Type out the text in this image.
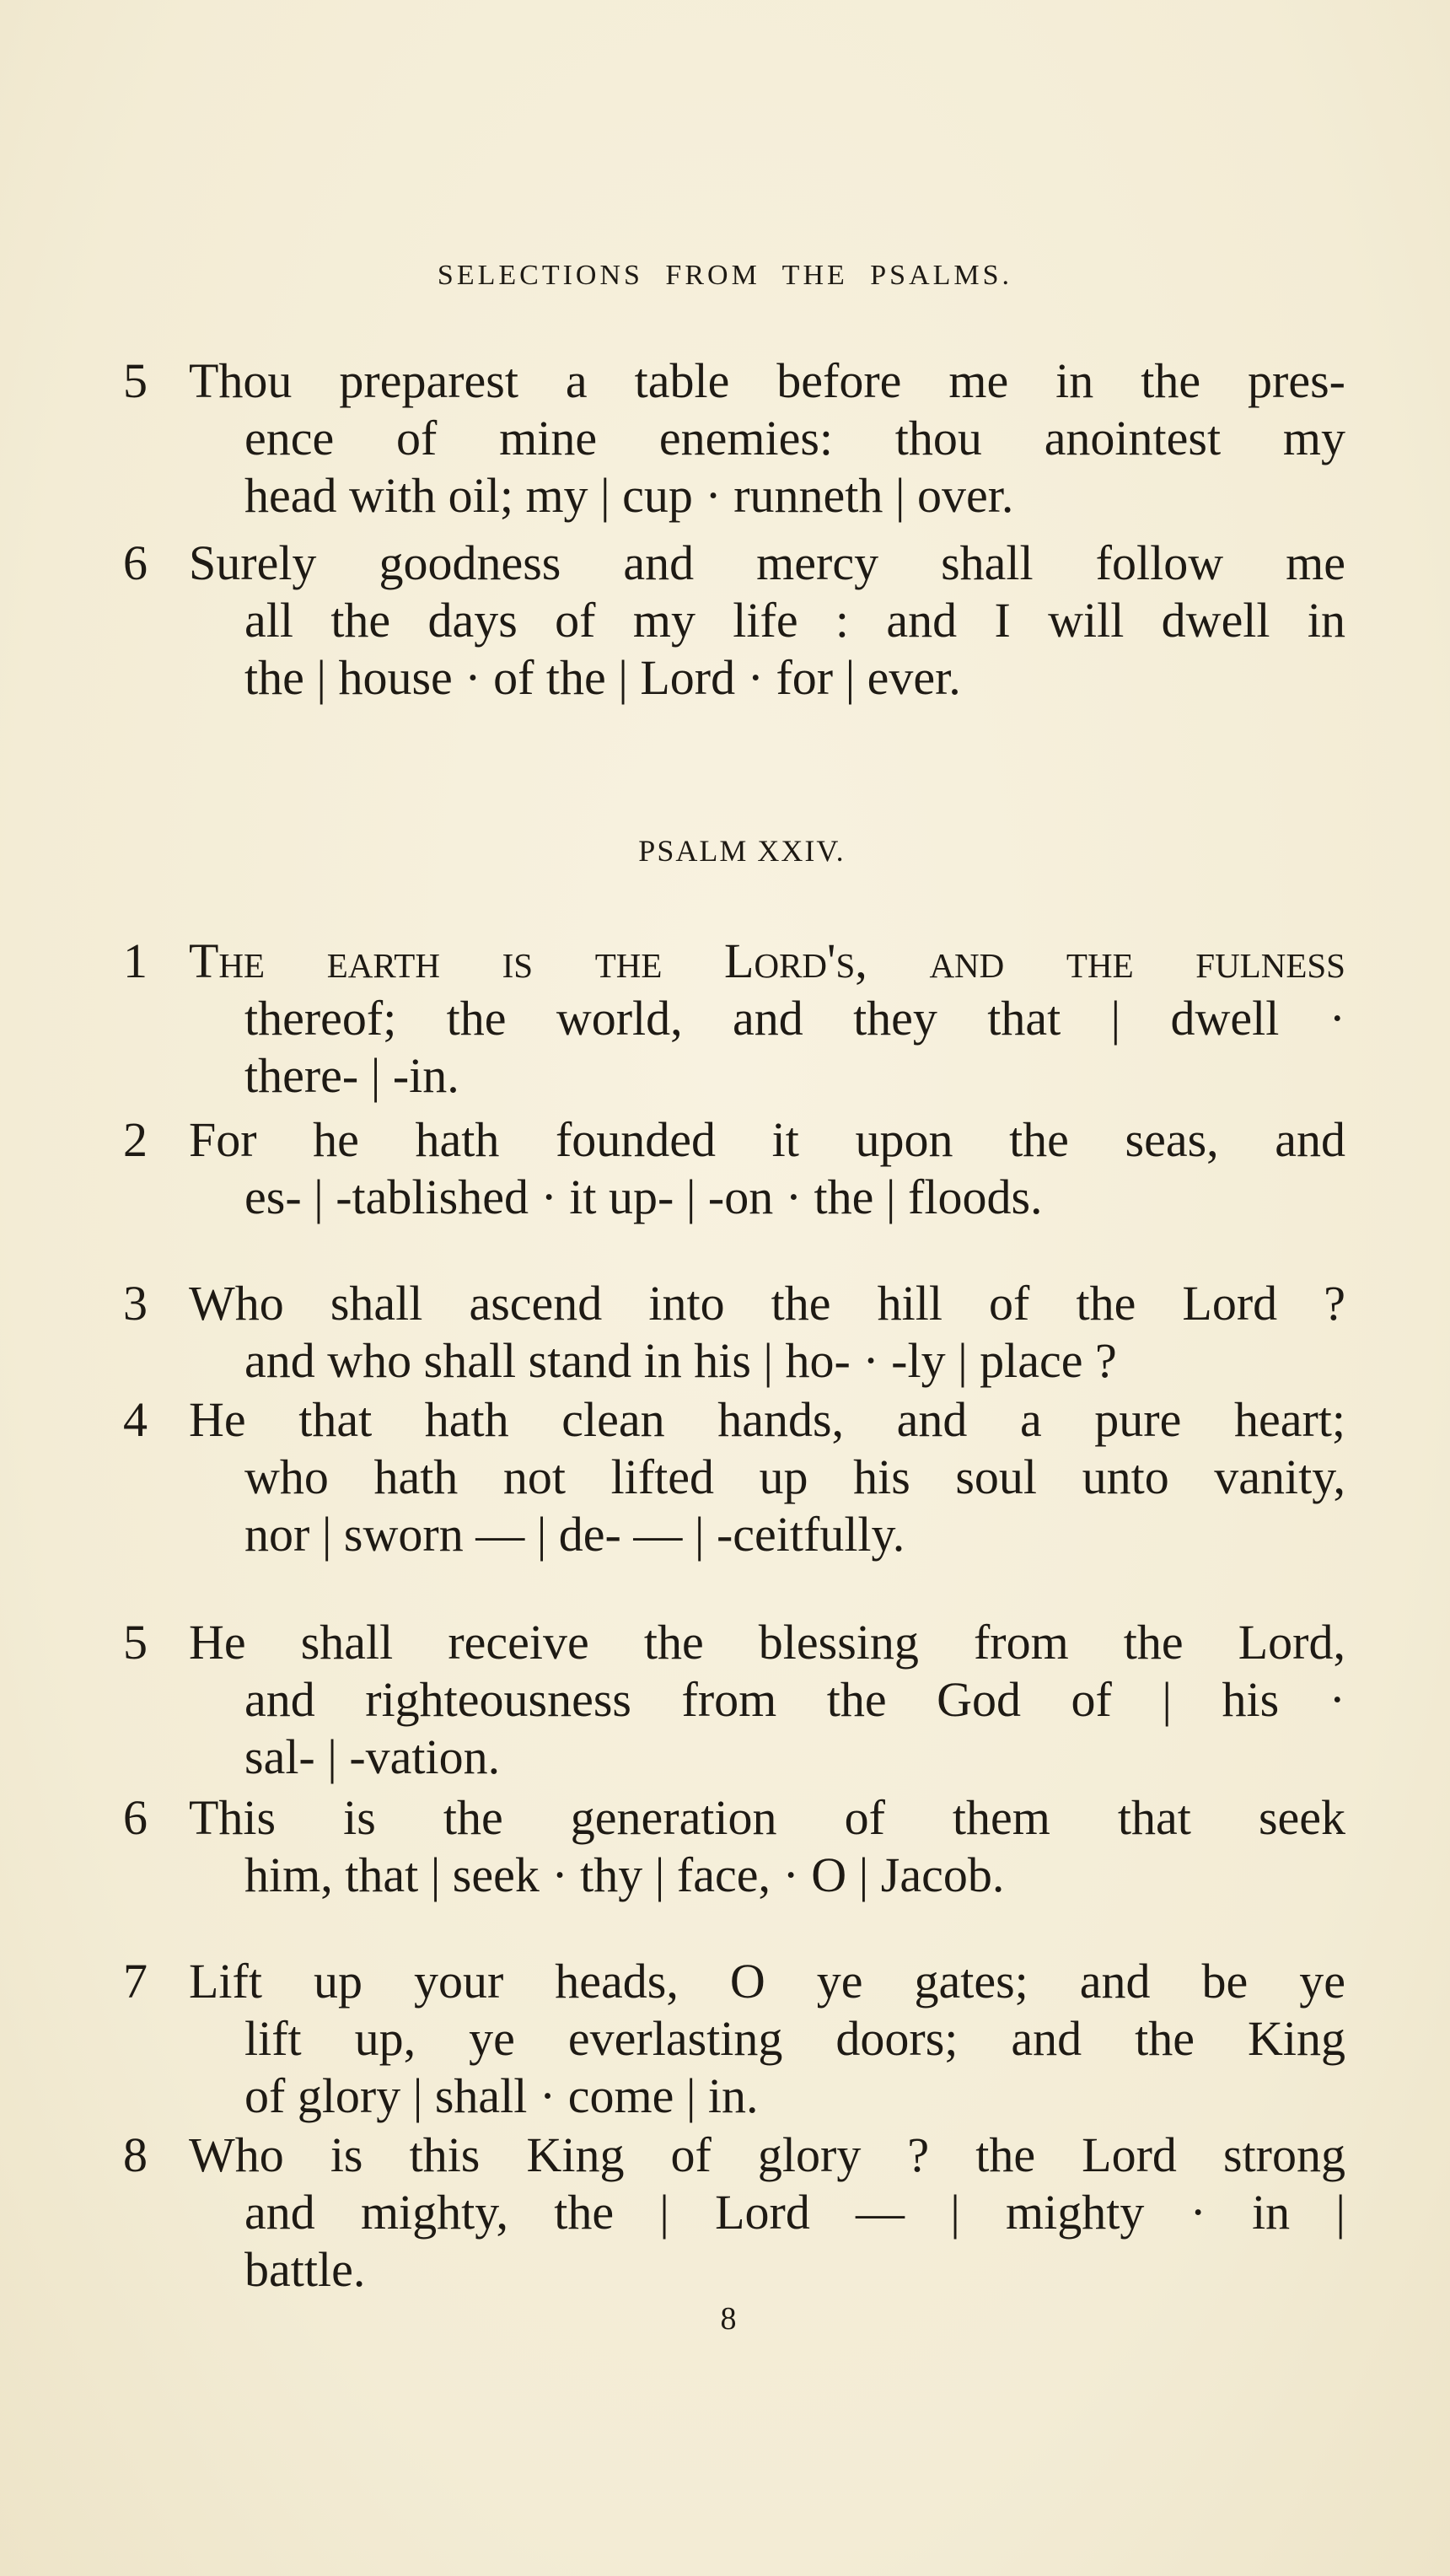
SELECTIONS FROM THE PSALMS.
5 Thou preparest a table before me in the pres-
ence of mine enemies: thou anointest my
head with oil; my | cup · runneth | over.
6 Surely goodness and mercy shall follow me
all the days of my life : and I will dwell in
the | house · of the | Lord · for | ever.
PSALM XXIV.
1 The earth is the Lord's, and the fulness
thereof; the world, and they that | dwell ·
there- | -in.
2 For he hath founded it upon the seas, and
es- | -tablished · it up- | -on · the | floods.
3 Who shall ascend into the hill of the Lord ?
and who shall stand in his | ho- · -ly | place ?
4 He that hath clean hands, and a pure heart;
who hath not lifted up his soul unto vanity,
nor | sworn — | de- — | -ceitfully.
5 He shall receive the blessing from the Lord,
and righteousness from the God of | his ·
sal- | -vation.
6 This is the generation of them that seek
him, that | seek · thy | face, · O | Jacob.
7 Lift up your heads, O ye gates; and be ye
lift up, ye everlasting doors; and the King
of glory | shall · come | in.
8 Who is this King of glory ? the Lord strong
and mighty, the | Lord — | mighty · in |
battle.
8
